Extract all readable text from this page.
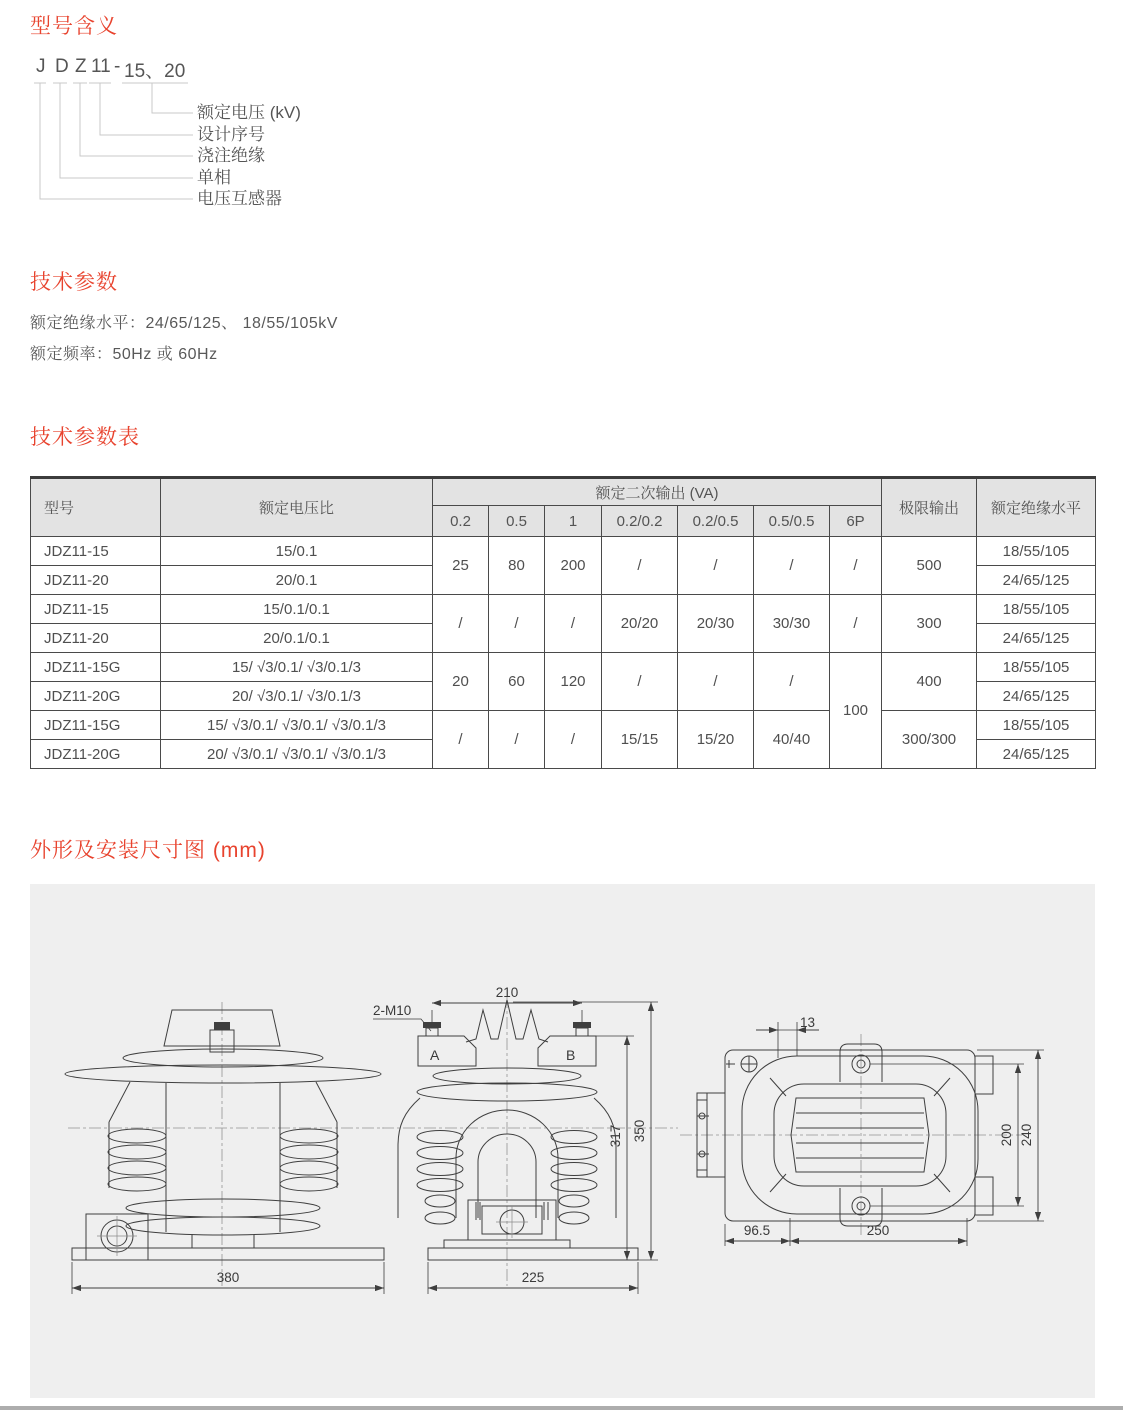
型号含义
J D Z 11 - 15、20
额定电压 (kV)
设计序号
浇注绝缘
单相
电压互感器
技术参数
额定绝缘水平：24/65/125、 18/55/105kV
额定频率：50Hz 或 60Hz
技术参数表
型号	额定电压比	额定二次输出 (VA)							极限输出	额定绝缘水平
		0.2	0.5	1	0.2/0.2	0.2/0.5	0.5/0.5	6P		
JDZ11-15	15/0.1	25	80	200	/	/	/	/	500	18/55/105
JDZ11-20	20/0.1									24/65/125
JDZ11-15	15/0.1/0.1	/	/	/	20/20	20/30	30/30	/	300	18/55/105
JDZ11-20	20/0.1/0.1									24/65/125
JDZ11-15G	15/ √3/0.1/ √3/0.1/3	20	60	120	/	/	/	100	400	18/55/105
JDZ11-20G	20/ √3/0.1/ √3/0.1/3									24/65/125
JDZ11-15G	15/ √3/0.1/ √3/0.1/ √3/0.1/3	/	/	/	15/15	15/20	40/40		300/300	18/55/105
JDZ11-20G	20/ √3/0.1/ √3/0.1/ √3/0.1/3									24/65/125
外形及安装尺寸图 (mm)
380
210
2-M10
A	B
225
317 350
13
200 240
96.5	250
